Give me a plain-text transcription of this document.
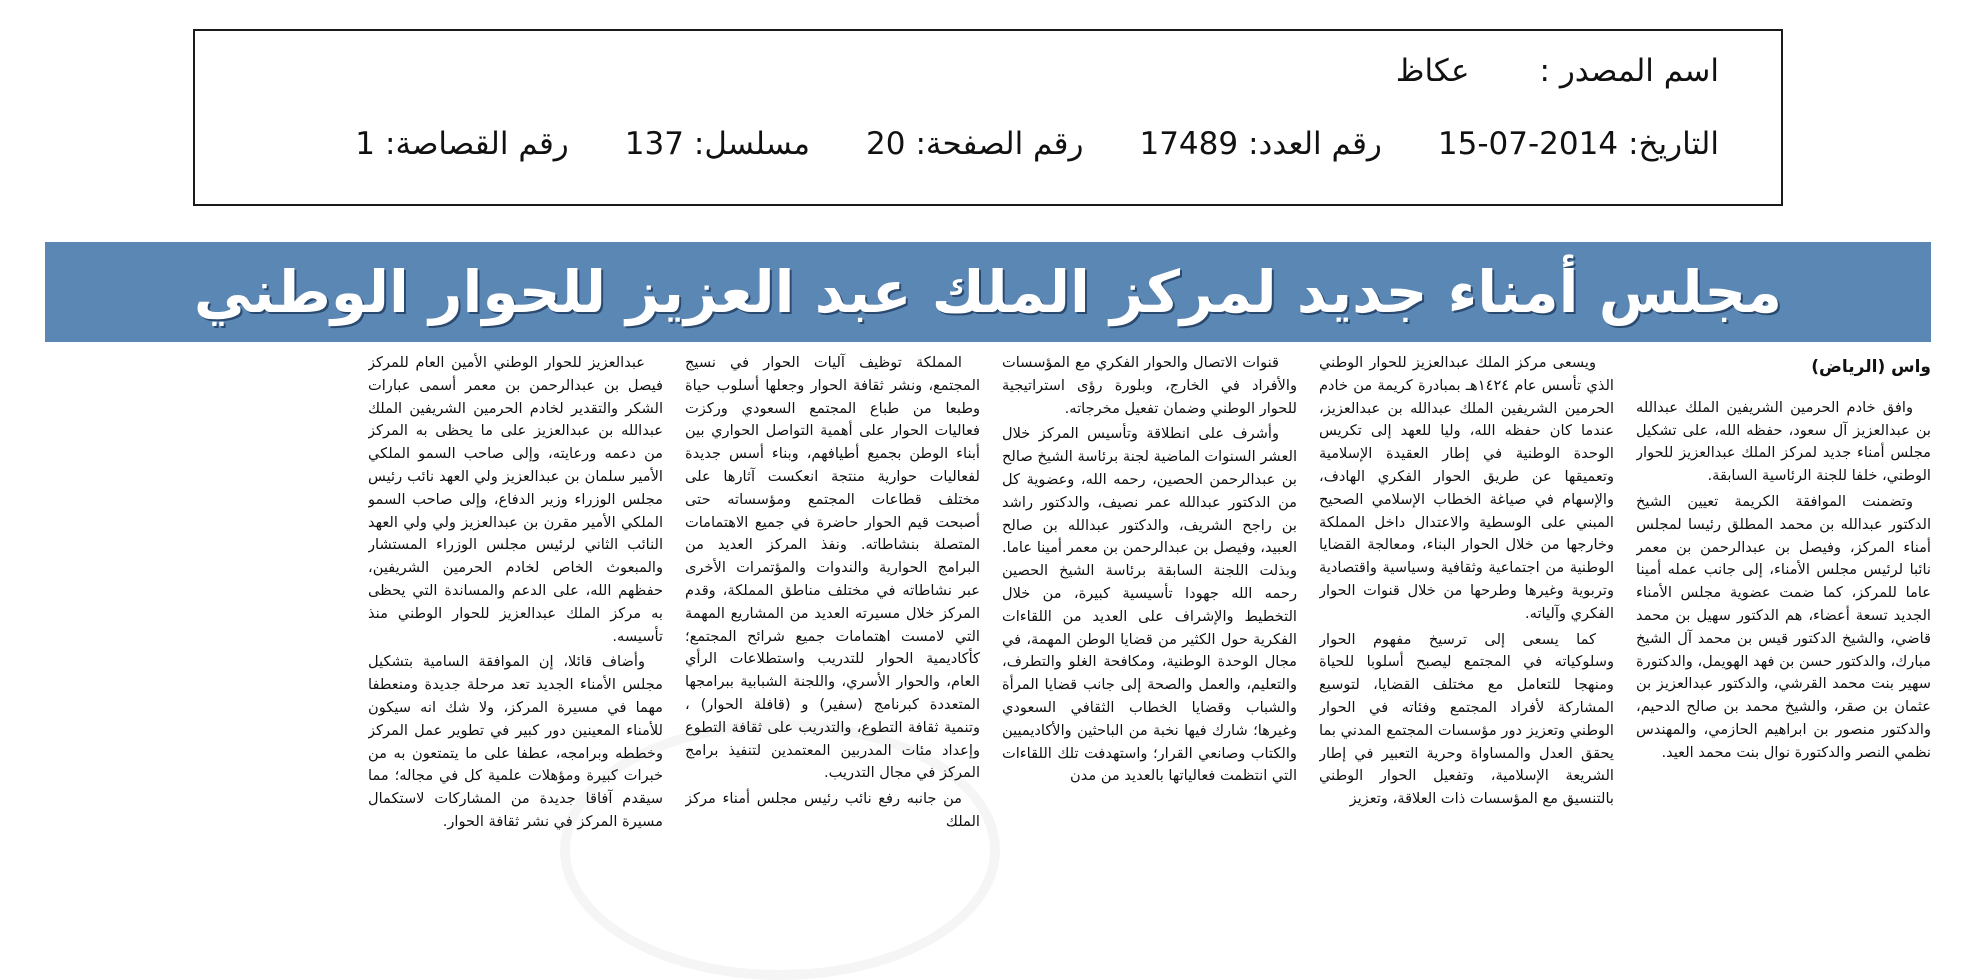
اسم المصدر :
عكاظ
التاريخ:
15-07-2014
رقم العدد:
17489
رقم الصفحة:
20
مسلسل:
137
رقم القصاصة:
1
مجلس أمناء جديد لمركز الملك عبد العزيز للحوار الوطني
واس (الرياض)

وافق خادم الحرمين الشريفين الملك عبدالله بن عبدالعزيز آل سعود، حفظه الله، على تشكيل مجلس أمناء جديد لمركز الملك عبدالعزيز للحوار الوطني، خلفا للجنة الرئاسية السابقة.

وتضمنت الموافقة الكريمة تعيين الشيخ الدكتور عبدالله بن محمد المطلق رئيسا لمجلس أمناء المركز، وفيصل بن عبدالرحمن بن معمر نائبا لرئيس مجلس الأمناء، إلى جانب عمله أمينا عاما للمركز، كما ضمت عضوية مجلس الأمناء الجديد تسعة أعضاء، هم الدكتور سهيل بن محمد قاضي، والشيخ الدكتور قيس بن محمد آل الشيخ مبارك، والدكتور حسن بن فهد الهويمل، والدكتورة سهير بنت محمد القرشي، والدكتور عبدالعزيز بن عثمان بن صقر، والشيخ محمد بن صالح الدحيم، والدكتور منصور بن ابراهيم الحازمي، والمهندس نظمي النصر والدكتورة نوال بنت محمد العيد.

ويسعى مركز الملك عبدالعزيز للحوار الوطني الذي تأسس عام ١٤٢٤هـ بمبادرة كريمة من خادم الحرمين الشريفين الملك عبدالله بن عبدالعزيز، عندما كان حفظه الله، وليا للعهد إلى تكريس الوحدة الوطنية في إطار العقيدة الإسلامية وتعميقها عن طريق الحوار الفكري الهادف، والإسهام في صياغة الخطاب الإسلامي الصحيح المبني على الوسطية والاعتدال داخل المملكة وخارجها من خلال الحوار البناء، ومعالجة القضايا الوطنية من اجتماعية وثقافية وسياسية واقتصادية وتربوية وغيرها وطرحها من خلال قنوات الحوار الفكري وآلياته.

كما يسعى إلى ترسيخ مفهوم الحوار وسلوكياته في المجتمع ليصبح أسلوبا للحياة ومنهجا للتعامل مع مختلف القضايا، لتوسيع المشاركة لأفراد المجتمع وفئاته في الحوار الوطني وتعزيز دور مؤسسات المجتمع المدني بما يحقق العدل والمساواة وحرية التعبير في إطار الشريعة الإسلامية، وتفعيل الحوار الوطني بالتنسيق مع المؤسسات ذات العلاقة، وتعزيز

قنوات الاتصال والحوار الفكري مع المؤسسات والأفراد في الخارج، وبلورة رؤى استراتيجية للحوار الوطني وضمان تفعيل مخرجاته.

وأشرف على انطلاقة وتأسيس المركز خلال العشر السنوات الماضية لجنة برئاسة الشيخ صالح بن عبدالرحمن الحصين، رحمه الله، وعضوية كل من الدكتور عبدالله عمر نصيف، والدكتور راشد بن راجح الشريف، والدكتور عبدالله بن صالح العبيد، وفيصل بن عبدالرحمن بن معمر أمينا عاما. وبذلت اللجنة السابقة برئاسة الشيخ الحصين رحمه الله جهودا تأسيسية كبيرة، من خلال التخطيط والإشراف على العديد من اللقاءات الفكرية حول الكثير من قضايا الوطن المهمة، في مجال الوحدة الوطنية، ومكافحة الغلو والتطرف، والتعليم، والعمل والصحة إلى جانب قضايا المرأة والشباب وقضايا الخطاب الثقافي السعودي وغيرها؛ شارك فيها نخبة من الباحثين والأكاديميين والكتاب وصانعي القرار؛ واستهدفت تلك اللقاءات التي انتظمت فعالياتها بالعديد من مدن

المملكة توظيف آليات الحوار في نسيج المجتمع، ونشر ثقافة الحوار وجعلها أسلوب حياة وطبعا من طباع المجتمع السعودي وركزت فعاليات الحوار على أهمية التواصل الحواري بين أبناء الوطن بجميع أطيافهم، وبناء أسس جديدة لفعاليات حوارية منتجة انعكست آثارها على مختلف قطاعات المجتمع ومؤسساته حتى أصبحت قيم الحوار حاضرة في جميع الاهتمامات المتصلة بنشاطاته. ونفذ المركز العديد من البرامج الحوارية والندوات والمؤتمرات الأخرى عبر نشاطاته في مختلف مناطق المملكة، وقدم المركز خلال مسيرته العديد من المشاريع المهمة التي لامست اهتمامات جميع شرائح المجتمع؛ كأكاديمية الحوار للتدريب واستطلاعات الرأي العام، والحوار الأسري، واللجنة الشبابية ببرامجها المتعددة كبرنامج (سفير) و (قافلة الحوار) ، وتنمية ثقافة التطوع، والتدريب على ثقافة التطوع وإعداد مئات المدربين المعتمدين لتنفيذ برامج المركز في مجال التدريب.

من جانبه رفع نائب رئيس مجلس أمناء مركز الملك

عبدالعزيز للحوار الوطني الأمين العام للمركز فيصل بن عبدالرحمن بن معمر أسمى عبارات الشكر والتقدير لخادم الحرمين الشريفين الملك عبدالله بن عبدالعزيز على ما يحظى به المركز من دعمه ورعايته، وإلى صاحب السمو الملكي الأمير سلمان بن عبدالعزيز ولي العهد نائب رئيس مجلس الوزراء وزير الدفاع، وإلى صاحب السمو الملكي الأمير مقرن بن عبدالعزيز ولي ولي العهد النائب الثاني لرئيس مجلس الوزراء المستشار والمبعوث الخاص لخادم الحرمين الشريفين، حفظهم الله، على الدعم والمساندة التي يحظى به مركز الملك عبدالعزيز للحوار الوطني منذ تأسيسه.

وأضاف قائلا، إن الموافقة السامية بتشكيل مجلس الأمناء الجديد تعد مرحلة جديدة ومنعطفا مهما في مسيرة المركز، ولا شك انه سيكون للأمناء المعينين دور كبير في تطوير عمل المركز وخططه وبرامجه، عطفا على ما يتمتعون به من خبرات كبيرة ومؤهلات علمية كل في مجاله؛ مما سيقدم آفاقا جديدة من المشاركات لاستكمال مسيرة المركز في نشر ثقافة الحوار.
